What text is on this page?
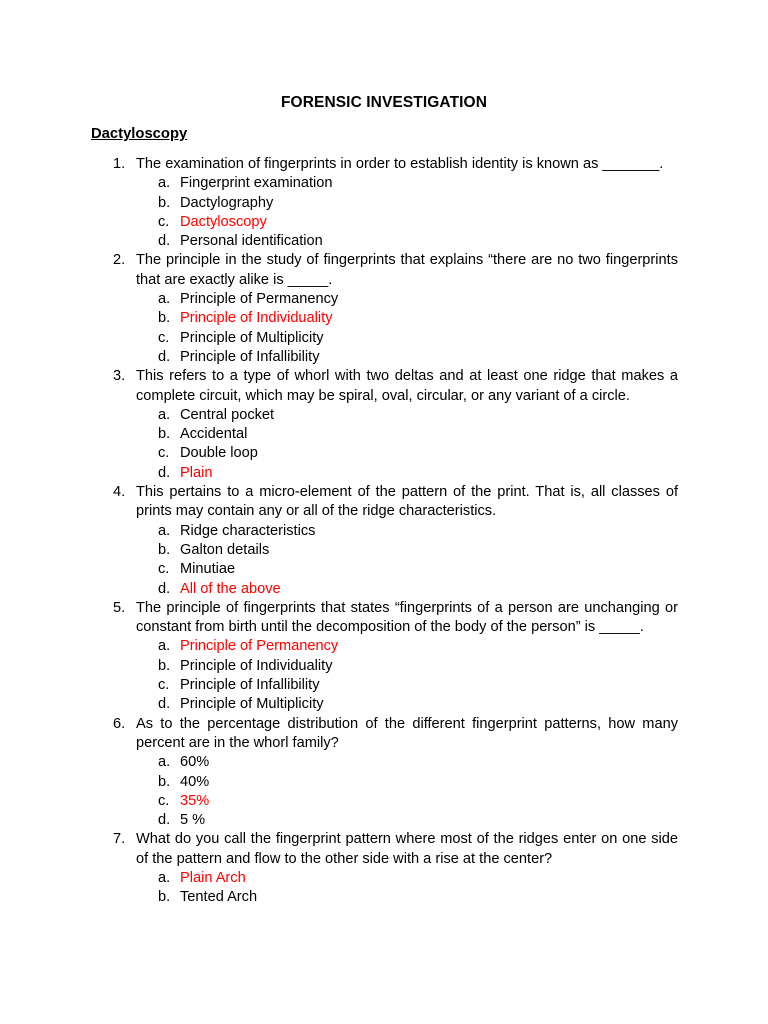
FORENSIC INVESTIGATION
Dactyloscopy
1. The examination of fingerprints in order to establish identity is known as _______.
a. Fingerprint examination
b. Dactylography
c. Dactyloscopy
d. Personal identification
2. The principle in the study of fingerprints that explains “there are no two fingerprints that are exactly alike is _____.
a. Principle of Permanency
b. Principle of Individuality
c. Principle of Multiplicity
d. Principle of Infallibility
3. This refers to a type of whorl with two deltas and at least one ridge that makes a complete circuit, which may be spiral, oval, circular, or any variant of a circle.
a. Central pocket
b. Accidental
c. Double loop
d. Plain
4. This pertains to a micro-element of the pattern of the print. That is, all classes of prints may contain any or all of the ridge characteristics.
a. Ridge characteristics
b. Galton details
c. Minutiae
d. All of the above
5. The principle of fingerprints that states “fingerprints of a person are unchanging or constant from birth until the decomposition of the body of the person” is _____.
a. Principle of Permanency
b. Principle of Individuality
c. Principle of Infallibility
d. Principle of Multiplicity
6. As to the percentage distribution of the different fingerprint patterns, how many percent are in the whorl family?
a. 60%
b. 40%
c. 35%
d. 5 %
7. What do you call the fingerprint pattern where most of the ridges enter on one side of the pattern and flow to the other side with a rise at the center?
a. Plain Arch
b. Tented Arch
